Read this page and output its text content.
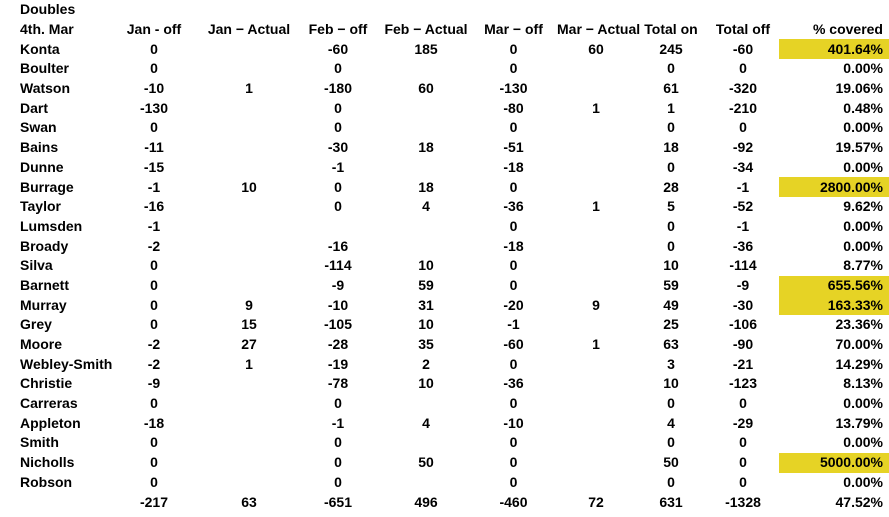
Doubles									
4th. Mar	Jan - off	Jan − Actual	Feb − off	Feb − Actual	Mar − off	Mar − Actual	Total on	Total off	% covered
Konta	0		-60	185	0	60	245	-60	401.64%
Boulter	0		0		0		0	0	0.00%
Watson	-10	1	-180	60	-130		61	-320	19.06%
Dart	-130		0		-80	1	1	-210	0.48%
Swan	0		0		0		0	0	0.00%
Bains	-11		-30	18	-51		18	-92	19.57%
Dunne	-15		-1		-18		0	-34	0.00%
Burrage	-1	10	0	18	0		28	-1	2800.00%
Taylor	-16		0	4	-36	1	5	-52	9.62%
Lumsden	-1				0		0	-1	0.00%
Broady	-2		-16		-18		0	-36	0.00%
Silva	0		-114	10	0		10	-114	8.77%
Barnett	0		-9	59	0		59	-9	655.56%
Murray	0	9	-10	31	-20	9	49	-30	163.33%
Grey	0	15	-105	10	-1		25	-106	23.36%
Moore	-2	27	-28	35	-60	1	63	-90	70.00%
Webley-Smith	-2	1	-19	2	0		3	-21	14.29%
Christie	-9		-78	10	-36		10	-123	8.13%
Carreras	0		0		0		0	0	0.00%
Appleton	-18		-1	4	-10		4	-29	13.79%
Smith	0		0		0		0	0	0.00%
Nicholls	0		0	50	0		50	0	5000.00%
Robson	0		0		0		0	0	0.00%
	-217	63	-651	496	-460	72	631	-1328	47.52%
